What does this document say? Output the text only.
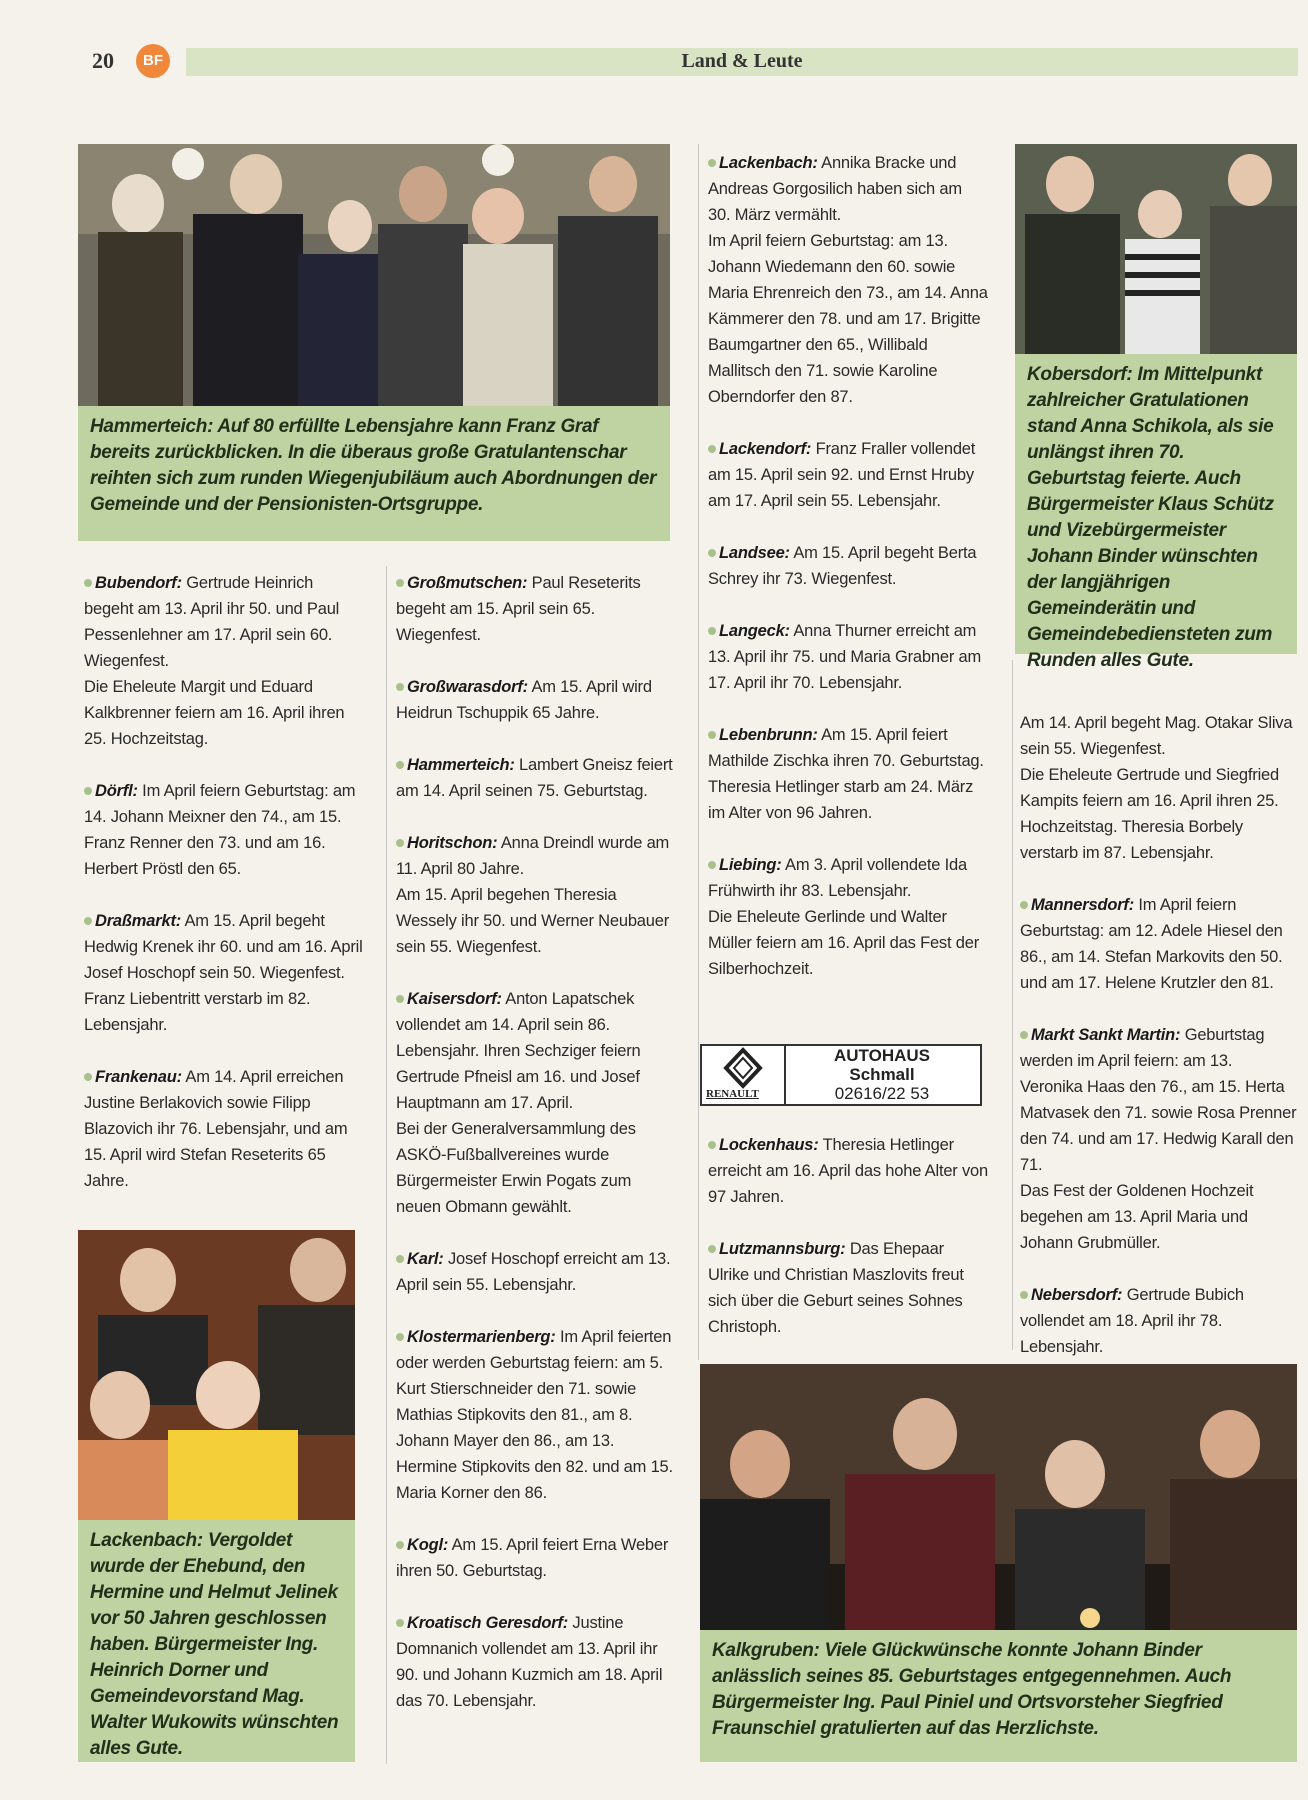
20	BF	Land & Leute
Hammerteich: Auf 80 erfüllte Lebensjahre kann Franz Graf bereits zurückblicken. In die überaus große Gratulantenschar reihten sich zum runden Wiegenjubiläum auch Abordnungen der Gemeinde und der Pensionisten-Ortsgruppe.
Kobersdorf: Im Mittelpunkt zahlreicher Gratulationen stand Anna Schikola, als sie unlängst ihren 70. Geburtstag feierte. Auch Bürgermeister Klaus Schütz und Vizebürgermeister Johann Binder wünschten der langjährigen Gemeinderätin und Gemeindebediensteten zum Runden alles Gute.
Lackenbach: Vergoldet wurde der Ehebund, den Hermine und Helmut Jelinek vor 50 Jahren geschlossen haben. Bürgermeister Ing. Heinrich Dorner und Gemeindevorstand Mag. Walter Wukowits wünschten alles Gute.
Kalkgruben: Viele Glückwünsche konnte Johann Binder anlässlich seines 85. Geburtstages entgegennehmen. Auch Bürgermeister Ing. Paul Piniel und Ortsvorsteher Siegfried Fraunschiel gratulierten auf das Herzlichste.
Bubendorf: Gertrude Heinrich begeht am 13. April ihr 50. und Paul Pessenlehner am 17. April sein 60. Wiegenfest.
Die Eheleute Margit und Eduard Kalkbrenner feiern am 16. April ihren 25. Hochzeitstag.
Dörfl: Im April feiern Geburtstag: am 14. Johann Meixner den 74., am 15. Franz Renner den 73. und am 16. Herbert Pröstl den 65.
Draßmarkt: Am 15. April begeht Hedwig Krenek ihr 60. und am 16. April Josef Hoschopf sein 50. Wiegenfest.
Franz Liebentritt verstarb im 82. Lebensjahr.
Frankenau: Am 14. April erreichen Justine Berlakovich sowie Filipp Blazovich ihr 76. Lebensjahr, und am 15. April wird Stefan Reseterits 65 Jahre.
Großmutschen: Paul Reseterits begeht am 15. April sein 65. Wiegenfest.
Großwarasdorf: Am 15. April wird Heidrun Tschuppik 65 Jahre.
Hammerteich: Lambert Gneisz feiert am 14. April seinen 75. Geburtstag.
Horitschon: Anna Dreindl wurde am 11. April 80 Jahre.
Am 15. April begehen Theresia Wessely ihr 50. und Werner Neubauer sein 55. Wiegenfest.
Kaisersdorf: Anton Lapatschek vollendet am 14. April sein 86. Lebensjahr. Ihren Sechziger feiern Gertrude Pfneisl am 16. und Josef Hauptmann am 17. April.
Bei der Generalversammlung des ASKÖ-Fußballvereines wurde Bürgermeister Erwin Pogats zum neuen Obmann gewählt.
Karl: Josef Hoschopf erreicht am 13. April sein 55. Lebensjahr.
Klostermarienberg: Im April feierten oder werden Geburtstag feiern: am 5. Kurt Stierschneider den 71. sowie Mathias Stipkovits den 81., am 8. Johann Mayer den 86., am 13. Hermine Stipkovits den 82. und am 15. Maria Korner den 86.
Kogl: Am 15. April feiert Erna Weber ihren 50. Geburtstag.
Kroatisch Geresdorf: Justine Domnanich vollendet am 13. April ihr 90. und Johann Kuzmich am 18. April das 70. Lebensjahr.
Lackenbach: Annika Bracke und Andreas Gorgosilich haben sich am 30. März vermählt.
Im April feiern Geburtstag: am 13. Johann Wiedemann den 60. sowie Maria Ehrenreich den 73., am 14. Anna Kämmerer den 78. und am 17. Brigitte Baumgartner den 65., Willibald Mallitsch den 71. sowie Karoline Oberndorfer den 87.
Lackendorf: Franz Fraller vollendet am 15. April sein 92. und Ernst Hruby am 17. April sein 55. Lebensjahr.
Landsee: Am 15. April begeht Berta Schrey ihr 73. Wiegenfest.
Langeck: Anna Thurner erreicht am 13. April ihr 75. und Maria Grabner am 17. April ihr 70. Lebensjahr.
Lebenbrunn: Am 15. April feiert Mathilde Zischka ihren 70. Geburtstag.
Theresia Hetlinger starb am 24. März im Alter von 96 Jahren.
Liebing: Am 3. April vollendete Ida Frühwirth ihr 83. Lebensjahr.
Die Eheleute Gerlinde und Walter Müller feiern am 16. April das Fest der Silberhochzeit.
RENAULT
AUTOHAUS
Schmall
02616/22 53
Lockenhaus: Theresia Hetlinger erreicht am 16. April das hohe Alter von 97 Jahren.
Lutzmannsburg: Das Ehepaar Ulrike und Christian Maszlovits freut sich über die Geburt seines Sohnes Christoph.
Am 14. April begeht Mag. Otakar Sliva sein 55. Wiegenfest.
Die Eheleute Gertrude und Siegfried Kampits feiern am 16. April ihren 25. Hochzeitstag. Theresia Borbely verstarb im 87. Lebensjahr.
Mannersdorf: Im April feiern Geburtstag: am 12. Adele Hiesel den 86., am 14. Stefan Markovits den 50. und am 17. Helene Krutzler den 81.
Markt Sankt Martin: Geburtstag werden im April feiern: am 13. Veronika Haas den 76., am 15. Herta Matvasek den 71. sowie Rosa Prenner den 74. und am 17. Hedwig Karall den 71.
Das Fest der Goldenen Hochzeit begehen am 13. April Maria und Johann Grubmüller.
Nebersdorf: Gertrude Bubich vollendet am 18. April ihr 78. Lebensjahr.
